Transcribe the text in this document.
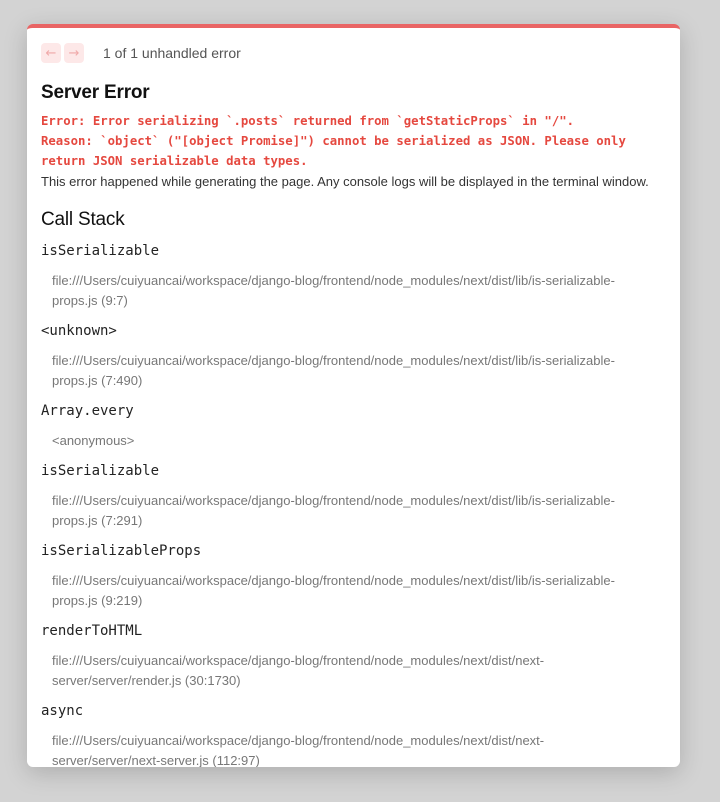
← → 1 of 1 unhandled error
Server Error
Error: Error serializing `.posts` returned from `getStaticProps` in "/".
Reason: `object` ("[object Promise]") cannot be serialized as JSON. Please only
return JSON serializable data types.
This error happened while generating the page. Any console logs will be displayed in the terminal window.
Call Stack
isSerializable
file:///Users/cuiyuancai/workspace/django-blog/frontend/node_modules/next/dist/lib/is-serializable-props.js (9:7)
<unknown>
file:///Users/cuiyuancai/workspace/django-blog/frontend/node_modules/next/dist/lib/is-serializable-props.js (7:490)
Array.every
<anonymous>
isSerializable
file:///Users/cuiyuancai/workspace/django-blog/frontend/node_modules/next/dist/lib/is-serializable-props.js (7:291)
isSerializableProps
file:///Users/cuiyuancai/workspace/django-blog/frontend/node_modules/next/dist/lib/is-serializable-props.js (9:219)
renderToHTML
file:///Users/cuiyuancai/workspace/django-blog/frontend/node_modules/next/dist/next-server/server/render.js (30:1730)
async
file:///Users/cuiyuancai/workspace/django-blog/frontend/node_modules/next/dist/next-server/server/next-server.js (112:97)
